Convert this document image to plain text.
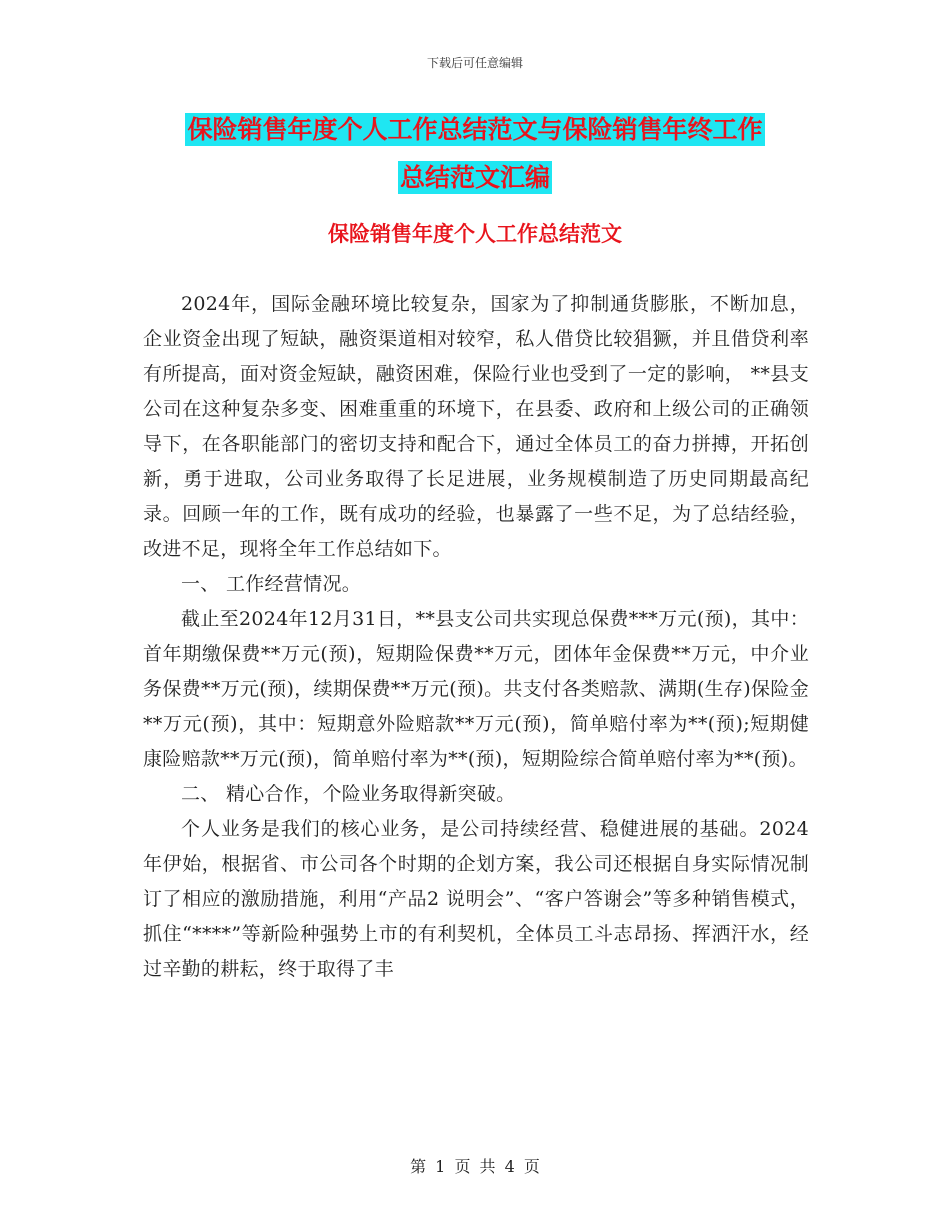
下载后可任意编辑
保险销售年度个人工作总结范文与保险销售年终工作
总结范文汇编
保险销售年度个人工作总结范文

2024年，国际金融环境比较复杂，国家为了抑制通货膨胀，不断加息，企业资金出现了短缺，融资渠道相对较窄，私人借贷比较猖獗，并且借贷利率有所提高，面对资金短缺，融资困难，保险行业也受到了一定的影响， **县支公司在这种复杂多变、困难重重的环境下，在县委、政府和上级公司的正确领导下，在各职能部门的密切支持和配合下，通过全体员工的奋力拼搏，开拓创新，勇于进取，公司业务取得了长足进展，业务规模制造了历史同期最高纪录。回顾一年的工作，既有成功的经验，也暴露了一些不足，为了总结经验，改进不足，现将全年工作总结如下。

一、 工作经营情况。

截止至2024年12月31日，**县支公司共实现总保费***万元(预)，其中：首年期缴保费**万元(预)，短期险保费**万元，团体年金保费**万元，中介业务保费**万元(预)，续期保费**万元(预)。共支付各类赔款、满期(生存)保险金**万元(预)，其中：短期意外险赔款**万元(预)，简单赔付率为**(预);短期健康险赔款**万元(预)，简单赔付率为**(预)，短期险综合简单赔付率为**(预)。

二、 精心合作，个险业务取得新突破。

个人业务是我们的核心业务，是公司持续经营、稳健进展的基础。2024年伊始，根据省、市公司各个时期的企划方案，我公司还根据自身实际情况制订了相应的激励措施，利用“产品2 说明会”、“客户答谢会”等多种销售模式，抓住“****”等新险种强势上市的有利契机，全体员工斗志昂扬、挥洒汗水，经过辛勤的耕耘，终于取得了丰

第 1 页 共 4 页
